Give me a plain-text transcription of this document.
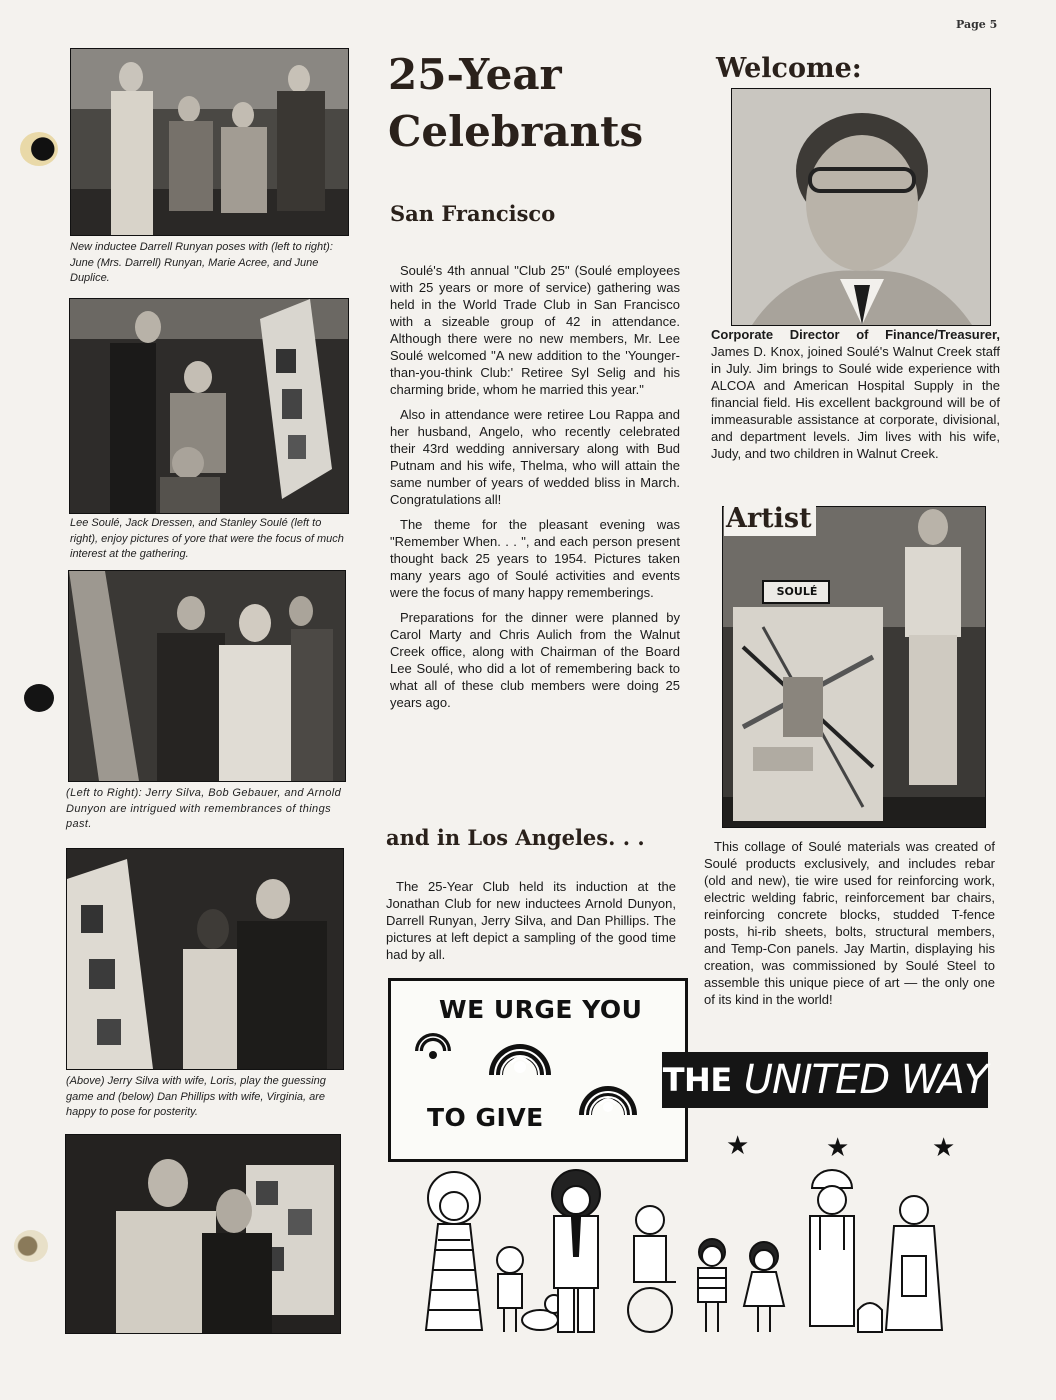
Page 5
New inductee Darrell Runyan poses with (left to right): June (Mrs. Darrell) Runyan, Marie Acree, and June Duplice.
Lee Soulé, Jack Dressen, and Stanley Soulé (left to right), enjoy pictures of yore that were the focus of much interest at the gathering.
(Left to Right): Jerry Silva, Bob Gebauer, and Arnold Dunyon are intrigued with remembrances of things past.
(Above) Jerry Silva with wife, Loris, play the guessing game and (below) Dan Phillips with wife, Virginia, are happy to pose for posterity.
25-Year
Celebrants
San Francisco

Soulé's 4th annual "Club 25" (Soulé employees with 25 years or more of service) gathering was held in the World Trade Club in San Francisco with a sizeable group of 42 in attendance. Although there were no new members, Mr. Lee Soulé welcomed "A new addition to the 'Younger-than-you-think Club:' Retiree Syl Selig and his charming bride, whom he married this year."

Also in attendance were retiree Lou Rappa and her husband, Angelo, who recently celebrated their 43rd wedding anniversary along with Bud Putnam and his wife, Thelma, who will attain the same number of years of wedded bliss in March. Congratulations all!

The theme for the pleasant evening was "Remember When. . . ", and each person present thought back 25 years to 1954. Pictures taken many years ago of Soulé activities and events were the focus of many happy rememberings.

Preparations for the dinner were planned by Carol Marty and Chris Aulich from the Walnut Creek office, along with Chairman of the Board Lee Soulé, who did a lot of remembering back to what all of these club members were doing 25 years ago.

and in Los Angeles. . .

The 25-Year Club held its induction at the Jonathan Club for new inductees Arnold Dunyon, Darrell Runyan, Jerry Silva, and Dan Phillips. The pictures at left depict a sampling of the good time had by all.

Welcome:
Corporate Director of Finance/Treasurer, James D. Knox, joined Soulé's Walnut Creek staff in July. Jim brings to Soulé wide experience with ALCOA and American Hospital Supply in the financial field. His excellent background will be of immeasurable assistance at corporate, divisional, and department levels. Jim lives with his wife, Judy, and two children in Walnut Creek.
SOULÉ
Artist

This collage of Soulé materials was created of Soulé products exclusively, and includes rebar (old and new), tie wire used for reinforcing work, electric welding fabric, reinforcement bar chairs, reinforcing concrete blocks, studded T-fence posts, hi-rib sheets, bolts, structural members, and Temp-Con panels. Jay Martin, displaying his creation, was commissioned by Soulé Steel to assemble this unique piece of art — the only one of its kind in the world!

WE URGE YOU
TO GIVE
THE UNITED WAY
★	★	★
